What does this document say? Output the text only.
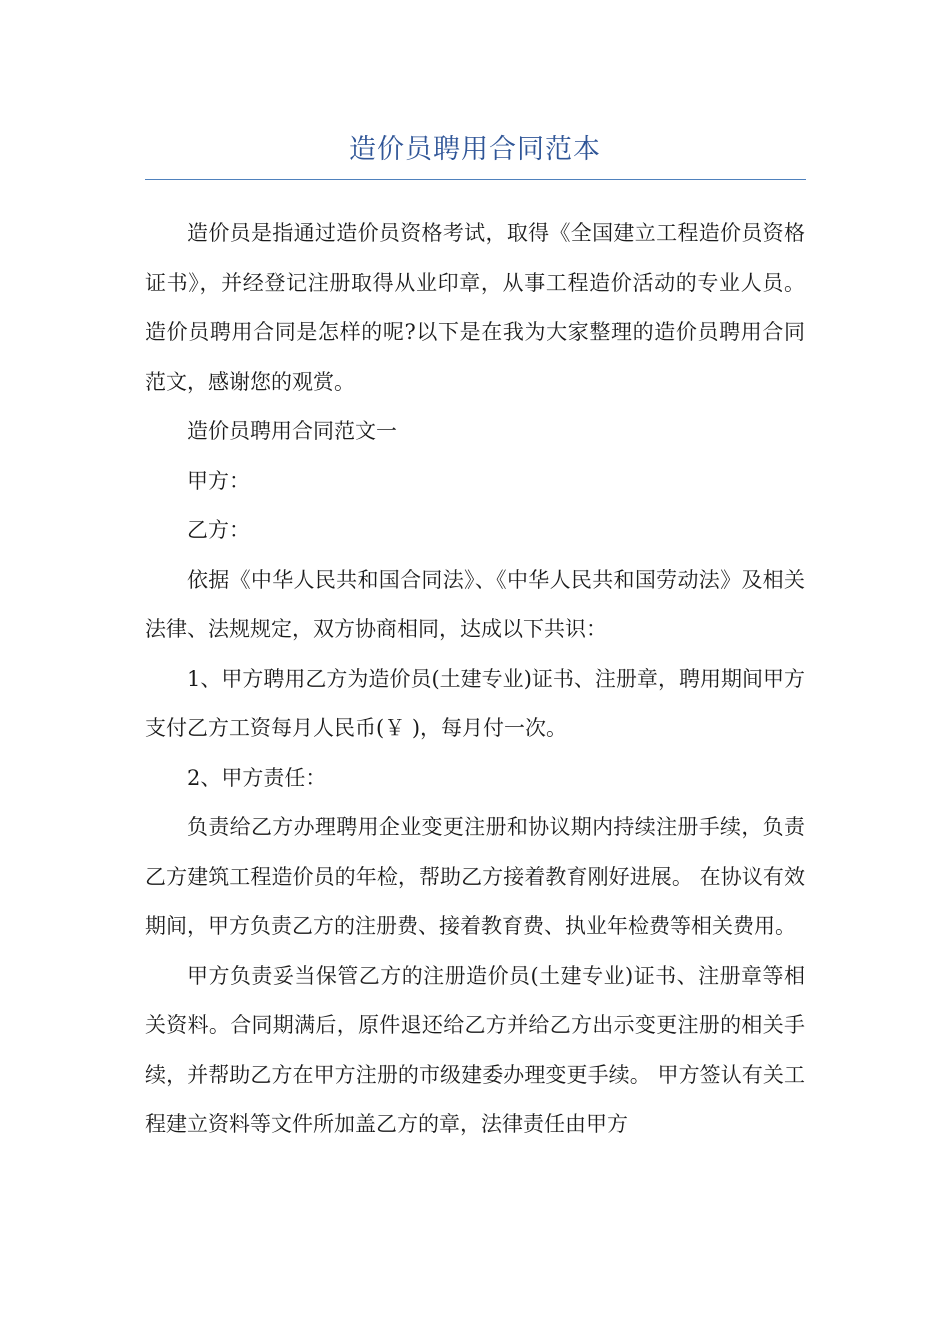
造价员聘用合同范本

造价员是指通过造价员资格考试，取得《全国建立工程造价员资格证书》，并经登记注册取得从业印章，从事工程造价活动的专业人员。造价员聘用合同是怎样的呢?以下是在我为大家整理的造价员聘用合同范文，感谢您的观赏。

造价员聘用合同范文一

甲方：

乙方：

依据《中华人民共和国合同法》、《中华人民共和国劳动法》及相关法律、法规规定，双方协商相同，达成以下共识：

1、甲方聘用乙方为造价员(土建专业)证书、注册章，聘用期间甲方支付乙方工资每月人民币(￥ )，每月付一次。

2、甲方责任：

负责给乙方办理聘用企业变更注册和协议期内持续注册手续，负责乙方建筑工程造价员的年检，帮助乙方接着教育刚好进展。 在协议有效期间，甲方负责乙方的注册费、接着教育费、执业年检费等相关费用。

甲方负责妥当保管乙方的注册造价员(土建专业)证书、注册章等相关资料。合同期满后，原件退还给乙方并给乙方出示变更注册的相关手续，并帮助乙方在甲方注册的市级建委办理变更手续。 甲方签认有关工程建立资料等文件所加盖乙方的章，法律责任由甲方
